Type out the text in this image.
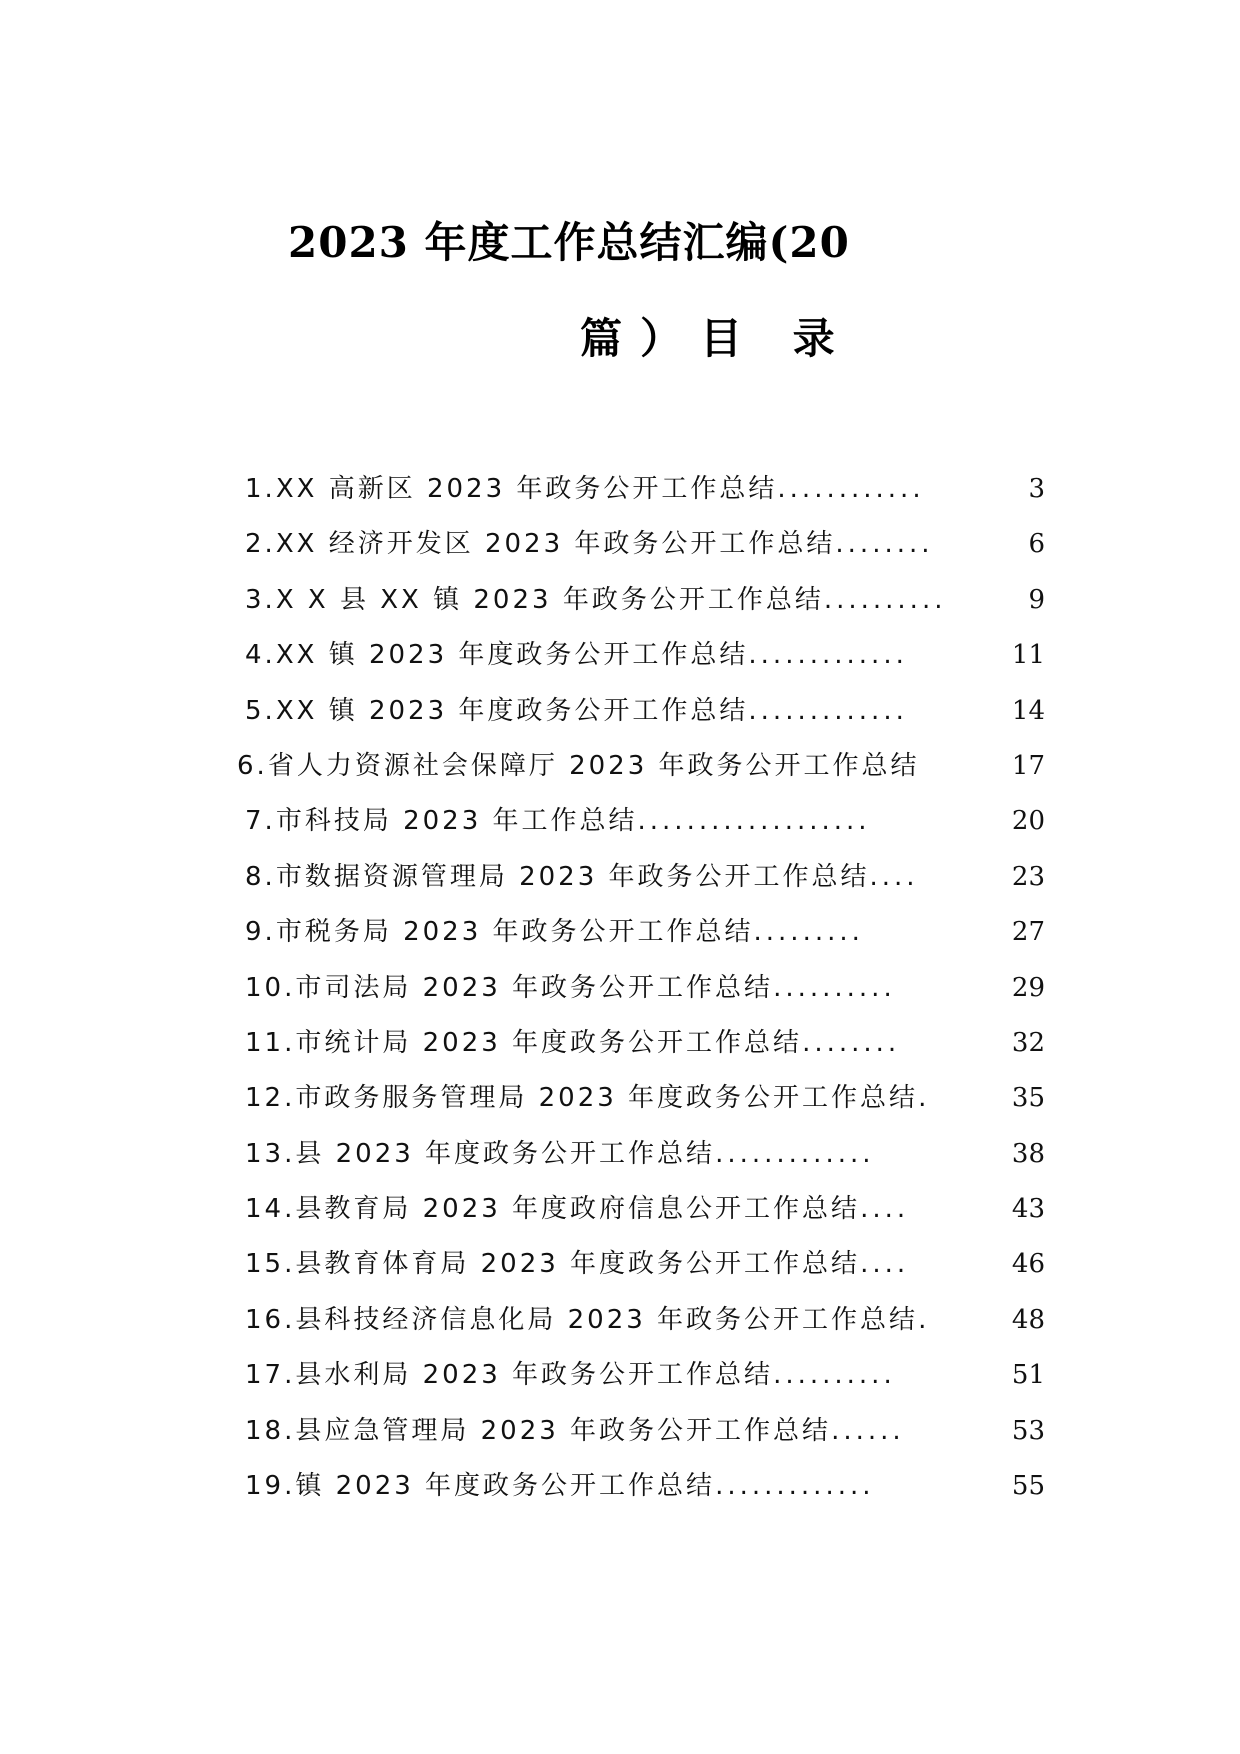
2023 年度工作总结汇编(20
篇）目 录
1.XX 高新区 2023 年政务公开工作总结............	3
2.XX 经济开发区 2023 年政务公开工作总结........	6
3.X X 县 XX 镇 2023 年政务公开工作总结..........	9
4.XX 镇 2023 年度政务公开工作总结.............	11
5.XX 镇 2023 年度政务公开工作总结.............	14
6.省人力资源社会保障厅 2023 年政务公开工作总结	17
7.市科技局 2023 年工作总结...................	20
8.市数据资源管理局 2023 年政务公开工作总结....	23
9.市税务局 2023 年政务公开工作总结.........	27
10.市司法局 2023 年政务公开工作总结..........	29
11.市统计局 2023 年度政务公开工作总结........	32
12.市政务服务管理局 2023 年度政务公开工作总结.	35
13.县 2023 年度政务公开工作总结.............	38
14.县教育局 2023 年度政府信息公开工作总结....	43
15.县教育体育局 2023 年度政务公开工作总结....	46
16.县科技经济信息化局 2023 年政务公开工作总结.	48
17.县水利局 2023 年政务公开工作总结..........	51
18.县应急管理局 2023 年政务公开工作总结......	53
19.镇 2023 年度政务公开工作总结.............	55
